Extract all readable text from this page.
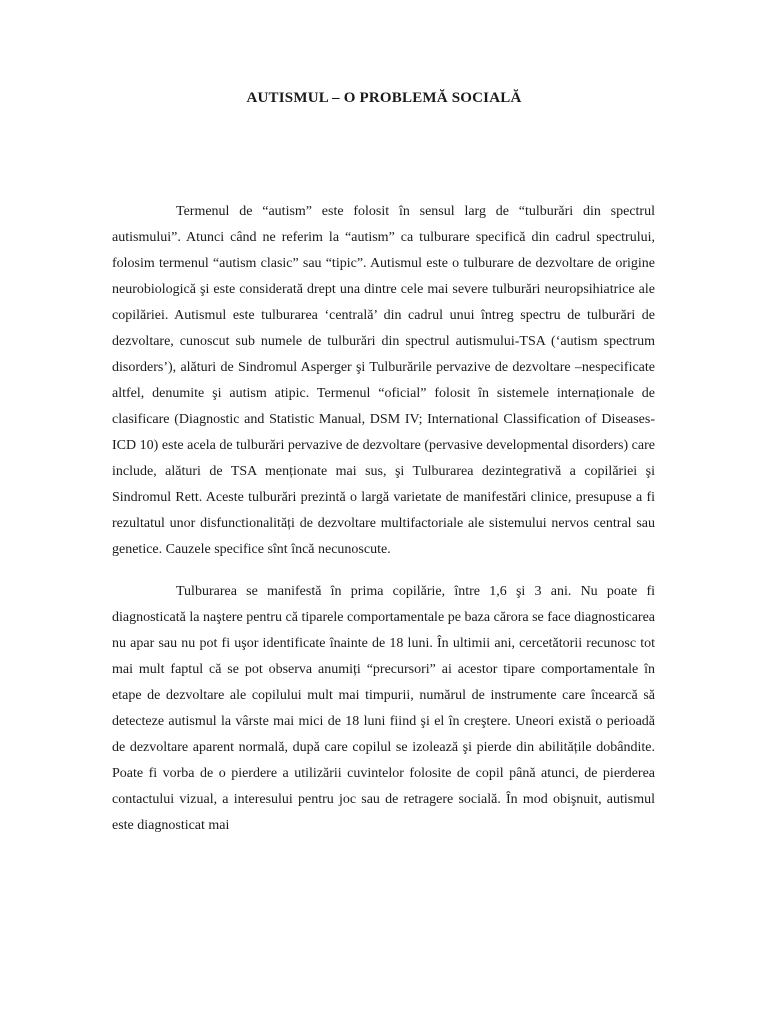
AUTISMUL – O PROBLEMĂ SOCIALĂ

Termenul de “autism” este folosit în sensul larg de “tulburări din spectrul autismului”. Atunci când ne referim la “autism” ca tulburare specifică din cadrul spectrului, folosim termenul “autism clasic” sau “tipic”. Autismul este o tulburare de dezvoltare de origine neurobiologică şi este considerată drept una dintre cele mai severe tulburări neuropsihiatrice ale copilăriei. Autismul este tulburarea ‘centrală’ din cadrul unui întreg spectru de tulburări de dezvoltare, cunoscut sub numele de tulburări din spectrul autismului-TSA (‘autism spectrum disorders’), alături de Sindromul Asperger şi Tulburările pervazive de dezvoltare –nespecificate altfel, denumite şi autism atipic. Termenul “oficial” folosit în sistemele internaționale de clasificare (Diagnostic and Statistic Manual, DSM IV; International Classification of Diseases-ICD 10) este acela de tulburări pervazive de dezvoltare (pervasive developmental disorders) care include, alături de TSA menționate mai sus, şi Tulburarea dezintegrativă a copilăriei şi Sindromul Rett. Aceste tulburări prezintă o largă varietate de manifestări clinice, presupuse a fi rezultatul unor disfunctionalități de dezvoltare multifactoriale ale sistemului nervos central sau genetice. Cauzele specifice sînt încă necunoscute.

Tulburarea se manifestă în prima copilărie, între 1,6 şi 3 ani. Nu poate fi diagnosticată la naştere pentru că tiparele comportamentale pe baza cărora se face diagnosticarea nu apar sau nu pot fi uşor identificate înainte de 18 luni. În ultimii ani, cercetătorii recunosc tot mai mult faptul că se pot observa anumiți “precursori” ai acestor tipare comportamentale în etape de dezvoltare ale copilului mult mai timpurii, numărul de instrumente care încearcă să detecteze autismul la vârste mai mici de 18 luni fiind şi el în creştere. Uneori există o perioadă de dezvoltare aparent normală, după care copilul se izolează şi pierde din abilitățile dobândite. Poate fi vorba de o pierdere a utilizării cuvintelor folosite de copil până atunci, de pierderea contactului vizual, a interesului pentru joc sau de retragere socială. În mod obişnuit, autismul este diagnosticat mai
